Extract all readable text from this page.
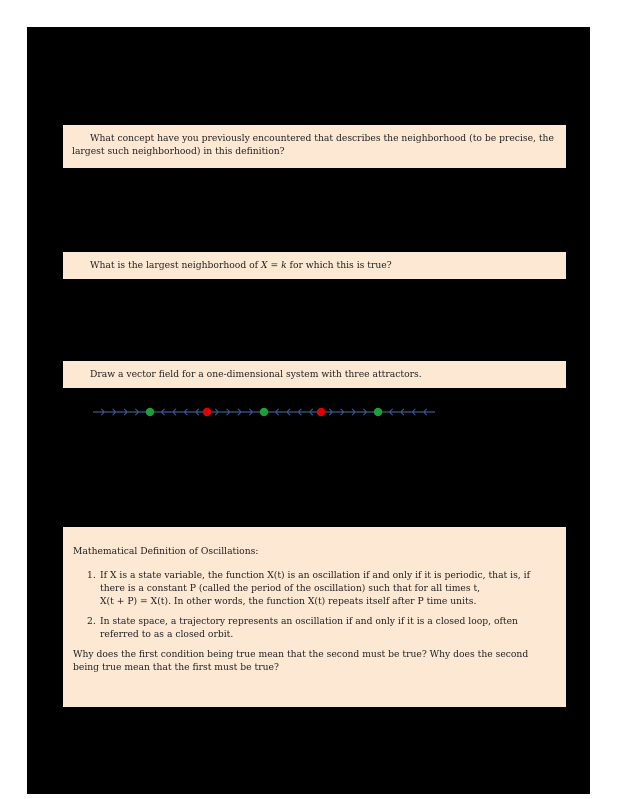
What concept have you previously encountered that describes the neighborhood (to be precise, the largest such neighborhood) in this definition?

What is the largest neighborhood of X = k for which this is true?

Draw a vector field for a one-dimensional system with three attractors.

Mathematical Definition of Oscillations:

1. If X is a state variable, the function X(t) is an oscillation if and only if it is periodic, that is, if

there is a constant P (called the period of the oscillation) such that for all times t,

X(t + P) = X(t). In other words, the function X(t) repeats itself after P time units.

2. In state space, a trajectory represents an oscillation if and only if it is a closed loop, often

referred to as a closed orbit.

Why does the first condition being true mean that the second must be true? Why does the second being true mean that the first must be true?
